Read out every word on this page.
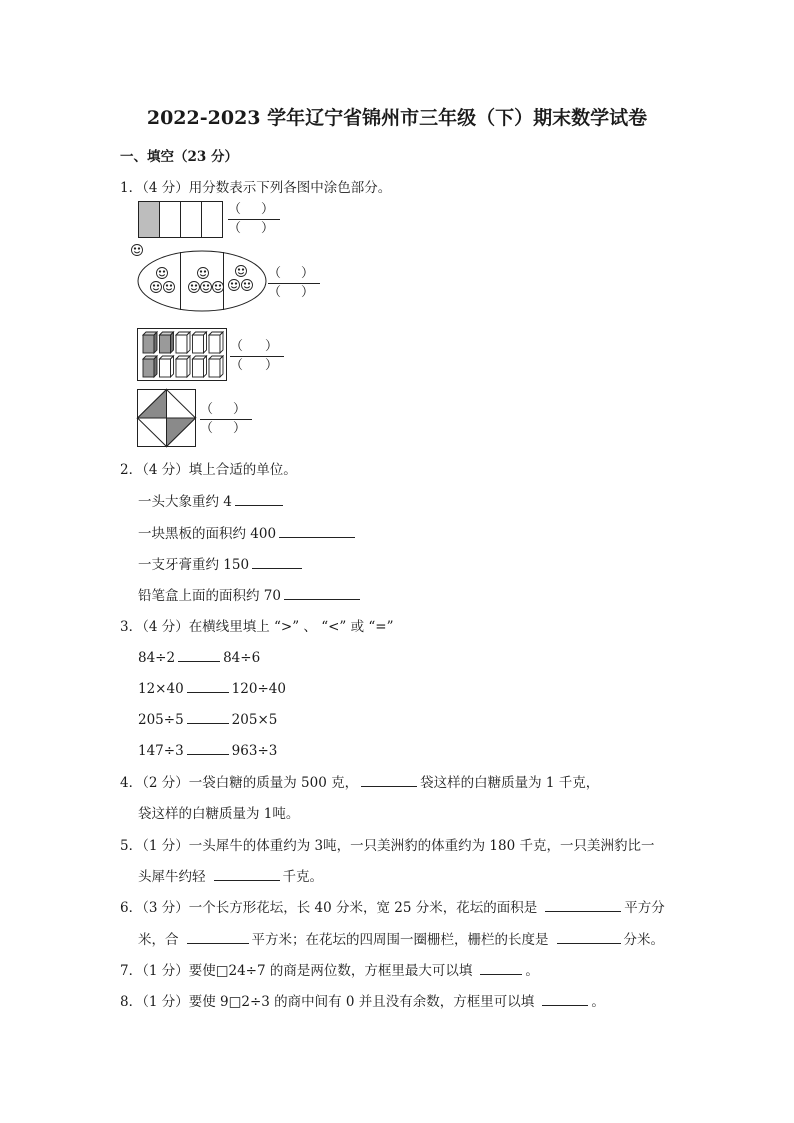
2022-2023 学年辽宁省锦州市三年级（下）期末数学试卷
一、填空（23 分）
1．（4 分）用分数表示下列各图中涂色部分。
（ ）
（ ）
（ ）
（ ）
（ ）
（ ）
（ ）
（ ）
2．（4 分）填上合适的单位。
一头大象重约 4
一块黑板的面积约 400
一支牙膏重约 150
铅笔盒上面的面积约 70
3．（4 分）在横线里填上 “>” 、 “<” 或 “=”
84÷2	84÷6
12×40	120÷40
205÷5	205×5
147÷3	963÷3
4．（2 分）一袋白糖的质量为 500 克，	袋这样的白糖质量为 1 千克，
袋这样的白糖质量为 1吨。
5．（1 分）一头犀牛的体重约为 3吨，一只美洲豹的体重约为 180 千克，一只美洲豹比一
头犀牛约轻	千克。
6．（3 分）一个长方形花坛，长 40 分米，宽 25 分米，花坛的面积是	平方分
米，合	平方米；在花坛的四周围一圈栅栏，栅栏的长度是	分米。
7．（1 分）要使□24÷7 的商是两位数，方框里最大可以填	。
8．（1 分）要使 9□2÷3 的商中间有 0 并且没有余数，方框里可以填	。
